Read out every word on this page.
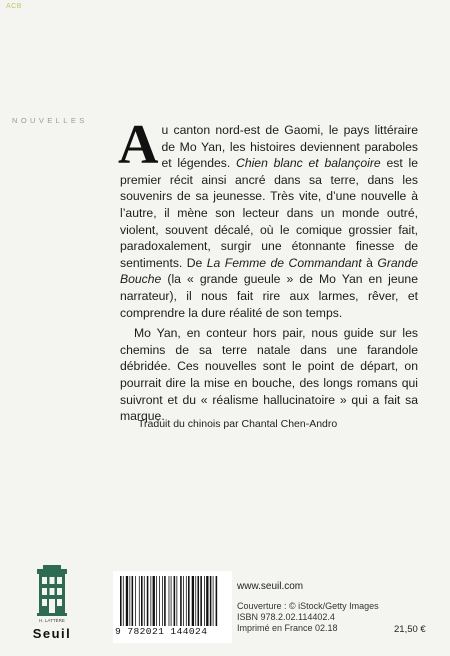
ACB
NOUVELLES Au canton nord-est de Gaomi, le pays littéraire de Mo Yan, les histoires deviennent paraboles et légendes. Chien blanc et balançoire est le premier récit ainsi ancré dans sa terre, dans les souvenirs de sa jeunesse. Très vite, d’une nouvelle à l’autre, il mène son lecteur dans un monde outré, violent, souvent décalé, où le comique grossier fait, paradoxalement, surgir une étonnante finesse de sentiments. De La Femme de Commandant à Grande Bouche (la « grande gueule » de Mo Yan en jeune narrateur), il nous fait rire aux larmes, rêver, et comprendre la dure réalité de son temps.

Mo Yan, en conteur hors pair, nous guide sur les chemins de sa terre natale dans une farandole débridée. Ces nouvelles sont le point de départ, on pourrait dire la mise en bouche, des longs romans qui suivront et du « réalisme hallucinatoire » qui a fait sa marque.

Traduit du chinois par Chantal Chen-Andro
H. LATTÈRE
Seuil	9 782021 144024
www.seuil.com
Couverture : © iStock/Getty Images
ISBN 978.2.02.114402.4
Imprimé en France 02.18	21,50 €
